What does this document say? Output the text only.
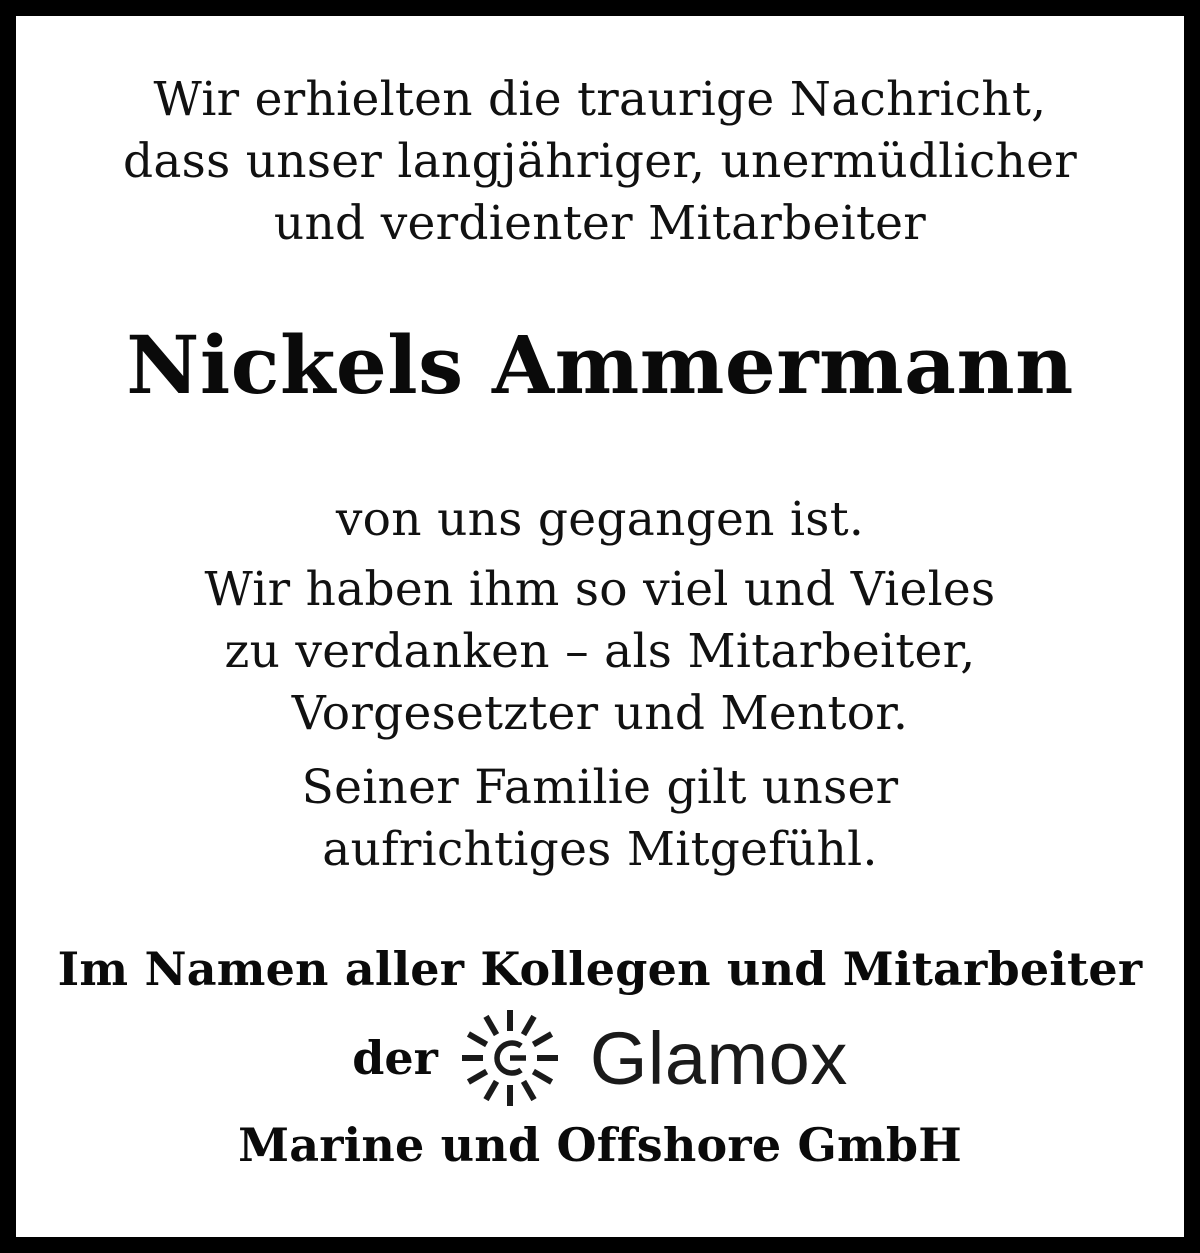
Wir erhielten die traurige Nachricht,
dass unser langjähriger, unermüdlicher
und verdienter Mitarbeiter
Nickels Ammermann
von uns gegangen ist.
Wir haben ihm so viel und Vieles
zu verdanken – als Mitarbeiter,
Vorgesetzter und Mentor.
Seiner Familie gilt unser
aufrichtiges Mitgefühl.
Im Namen aller Kollegen und Mitarbeiter
der Glamox
Marine und Offshore GmbH
